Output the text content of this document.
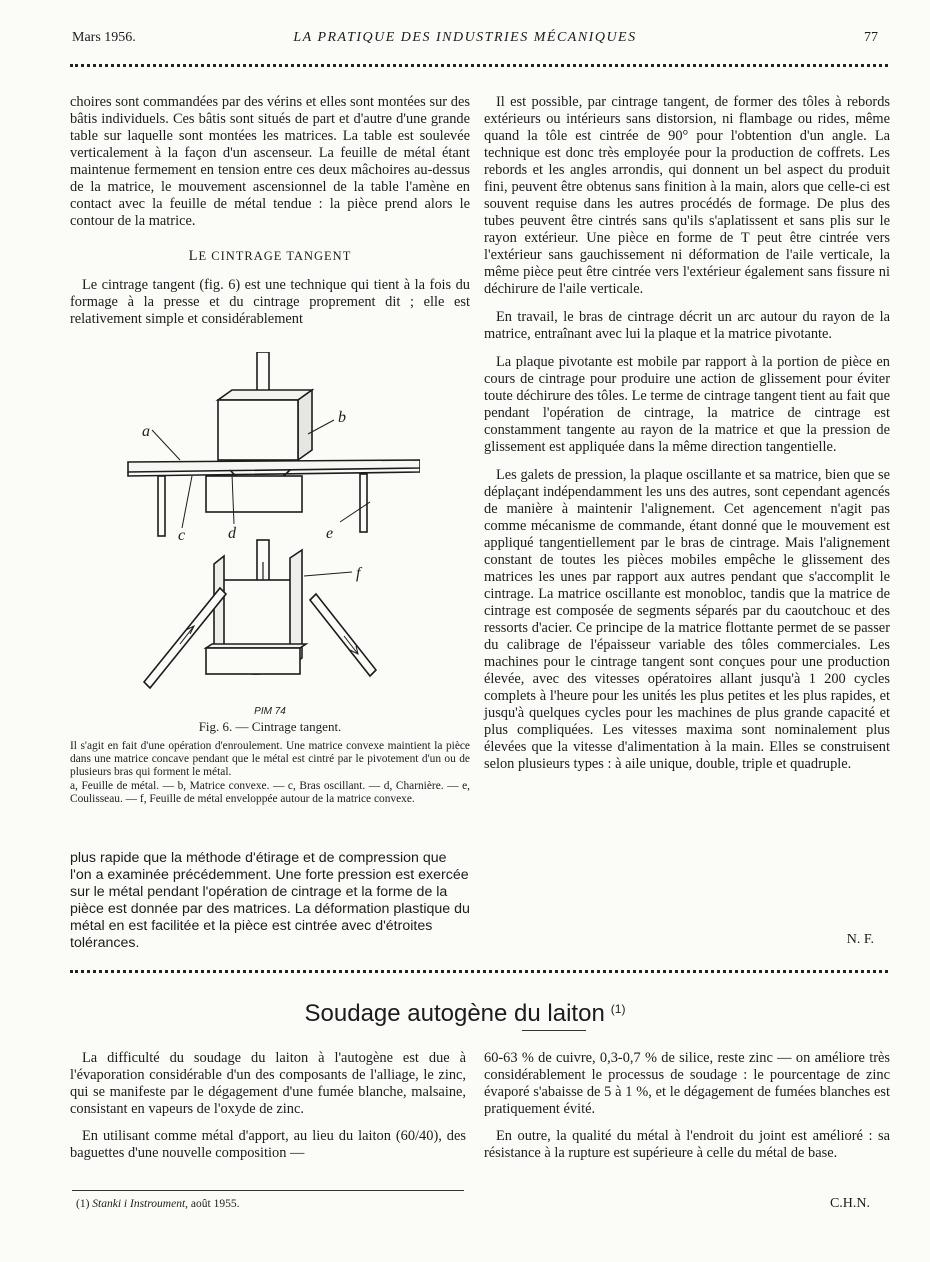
Mars 1956.	LA PRATIQUE DES INDUSTRIES MÉCANIQUES	77

choires sont commandées par des vérins et elles sont montées sur des bâtis individuels. Ces bâtis sont situés de part et d'autre d'une grande table sur laquelle sont montées les matrices. La table est soulevée verticalement à la façon d'un ascenseur. La feuille de métal étant maintenue fermement en tension entre ces deux mâchoires au-dessus de la matrice, le mouvement ascensionnel de la table l'amène en contact avec la feuille de métal tendue : la pièce prend alors le contour de la matrice.

LE CINTRAGE TANGENT

Le cintrage tangent (fig. 6) est une technique qui tient à la fois du formage à la presse et du cintrage proprement dit ; elle est relativement simple et considérablement

a
b
c	d	e
f
PIM 74
Fig. 6. — Cintrage tangent.
Il s'agit en fait d'une opération d'enroulement. Une matrice convexe maintient la pièce dans une matrice concave pendant que le métal est cintré par le pivotement d'un ou de plusieurs bras qui forment le métal.
a, Feuille de métal. — b, Matrice convexe. — c, Bras oscillant. — d, Charnière. — e, Coulisseau. — f, Feuille de métal enveloppée autour de la matrice convexe.

plus rapide que la méthode d'étirage et de compression que l'on a examinée précédemment. Une forte pression est exercée sur le métal pendant l'opération de cintrage et la forme de la pièce est donnée par des matrices. La déformation plastique du métal en est facilitée et la pièce est cintrée avec d'étroites tolérances.

Il est possible, par cintrage tangent, de former des tôles à rebords extérieurs ou intérieurs sans distorsion, ni flambage ou rides, même quand la tôle est cintrée de 90° pour l'obtention d'un angle. La technique est donc très employée pour la production de coffrets. Les rebords et les angles arrondis, qui donnent un bel aspect du produit fini, peuvent être obtenus sans finition à la main, alors que celle-ci est souvent requise dans les autres procédés de formage. De plus des tubes peuvent être cintrés sans qu'ils s'aplatissent et sans plis sur le rayon extérieur. Une pièce en forme de T peut être cintrée vers l'extérieur sans gauchissement ni déformation de l'aile verticale, la même pièce peut être cintrée vers l'extérieur également sans fissure ni déchirure de l'aile verticale.

En travail, le bras de cintrage décrit un arc autour du rayon de la matrice, entraînant avec lui la plaque et la matrice pivotante.

La plaque pivotante est mobile par rapport à la portion de pièce en cours de cintrage pour produire une action de glissement pour éviter toute déchirure des tôles. Le terme de cintrage tangent tient au fait que pendant l'opération de cintrage, la matrice de cintrage est constamment tangente au rayon de la matrice et que la pression de glissement est appliquée dans la même direction tangentielle.

Les galets de pression, la plaque oscillante et sa matrice, bien que se déplaçant indépendamment les uns des autres, sont cependant agencés de manière à maintenir l'alignement. Cet agencement n'agit pas comme mécanisme de commande, étant donné que le mouvement est appliqué tangentiellement par le bras de cintrage. Mais l'alignement constant de toutes les pièces mobiles empêche le glissement des matrices les unes par rapport aux autres pendant que s'accomplit le cintrage. La matrice oscillante est monobloc, tandis que la matrice de cintrage est composée de segments séparés par du caoutchouc et des ressorts d'acier. Ce principe de la matrice flottante permet de se passer du calibrage de l'épaisseur variable des tôles commerciales. Les machines pour le cintrage tangent sont conçues pour une production élevée, avec des vitesses opératoires allant jusqu'à 1 200 cycles complets à l'heure pour les unités les plus petites et les plus rapides, et jusqu'à quelques cycles pour les machines de plus grande capacité et plus compliquées. Les vitesses maxima sont nominalement plus élevées que la vitesse d'alimentation à la main. Elles se construisent selon plusieurs types : à aile unique, double, triple et quadruple.

N. F.
Soudage autogène du laiton $^{(1)}$

La difficulté du soudage du laiton à l'autogène est due à l'évaporation considérable d'un des composants de l'alliage, le zinc, qui se manifeste par le dégagement d'une fumée blanche, malsaine, consistant en vapeurs de l'oxyde de zinc.

En utilisant comme métal d'apport, au lieu du laiton (60/40), des baguettes d'une nouvelle composition —

60-63 % de cuivre, 0,3-0,7 % de silice, reste zinc — on améliore très considérablement le processus de soudage : le pourcentage de zinc évaporé s'abaisse de 5 à 1 %, et le dégagement de fumées blanches est pratiquement évité.

En outre, la qualité du métal à l'endroit du joint est amélioré : sa résistance à la rupture est supérieure à celle du métal de base.

(1) Stanki i Instroument, août 1955.	C.H.N.
